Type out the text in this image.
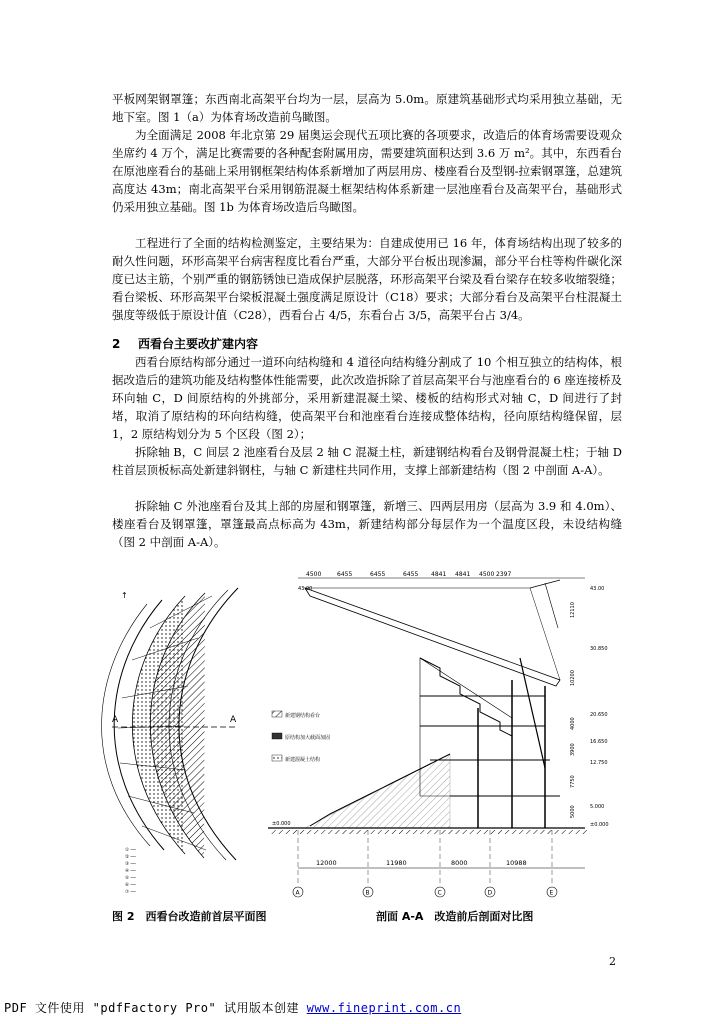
平板网架钢罩篷；东西南北高架平台均为一层，层高为 5.0m。原建筑基础形式均采用独立基础，无地下室。图 1（a）为体育场改造前鸟瞰图。

为全面满足 2008 年北京第 29 届奥运会现代五项比赛的各项要求，改造后的体育场需要设观众坐席约 4 万个，满足比赛需要的各种配套附属用房，需要建筑面积达到 3.6 万 m²。其中，东西看台在原池座看台的基础上采用钢框架结构体系新增加了两层用房、楼座看台及型钢-拉索钢罩篷，总建筑高度达 43m；南北高架平台采用钢筋混凝土框架结构体系新建一层池座看台及高架平台，基础形式仍采用独立基础。图 1b 为体育场改造后鸟瞰图。

工程进行了全面的结构检测鉴定，主要结果为：自建成使用已 16 年，体育场结构出现了较多的耐久性问题，环形高架平台病害程度比看台严重，大部分平台板出现渗漏，部分平台柱等构件碳化深度已达主筋，个别严重的钢筋锈蚀已造成保护层脱落，环形高架平台梁及看台梁存在较多收缩裂缝；看台梁板、环形高架平台梁板混凝土强度满足原设计（C18）要求；大部分看台及高架平台柱混凝土强度等级低于原设计值（C28），西看台占 4/5，东看台占 3/5，高架平台占 3/4。

2 西看台主要改扩建内容

西看台原结构部分通过一道环向结构缝和 4 道径向结构缝分割成了 10 个相互独立的结构体，根据改造后的建筑功能及结构整体性能需要，此次改造拆除了首层高架平台与池座看台的 6 座连接桥及环向轴 C，D 间原结构的外挑部分，采用新建混凝土梁、楼板的结构形式对轴 C，D 间进行了封堵，取消了原结构的环向结构缝，使高架平台和池座看台连接成整体结构，径向原结构缝保留，层 1，2 原结构划分为 5 个区段（图 2）；

拆除轴 B，C 间层 2 池座看台及层 2 轴 C 混凝土柱，新建钢结构看台及钢骨混凝土柱；于轴 D 柱首层顶板标高处新建斜钢柱，与轴 C 新建柱共同作用，支撑上部新建结构（图 2 中剖面 A-A）。

拆除轴 C 外池座看台及其上部的房屋和钢罩篷，新增三、四两层用房（层高为 3.9 和 4.0m）、楼座看台及钢罩篷，罩篷最高点标高为 43m，新建结构部分每层作为一个温度区段，未设结构缝（图 2 中剖面 A-A）。

A	A
↑
① ──
② ──
③ ──
④ ──
⑤ ──
⑥ ──
⑦ ──
4500	6455	6455	6455 4841 4841 4500 2397
43.00
30.850
20.650
16.650
12.750
5.000
±0.000
12110
10200
4000
3900
7750
5000
新建钢结构看台
原结构加大截面加固
新建混凝土结构
12000	11980	8000	10988
A	B	C	D	E
±0.000
43.00
图 2　西看台改造前首层平面图	剖面 A-A　改造前后剖面对比图
2
PDF 文件使用 "pdfFactory Pro" 试用版本创建 www.fineprint.com.cn
